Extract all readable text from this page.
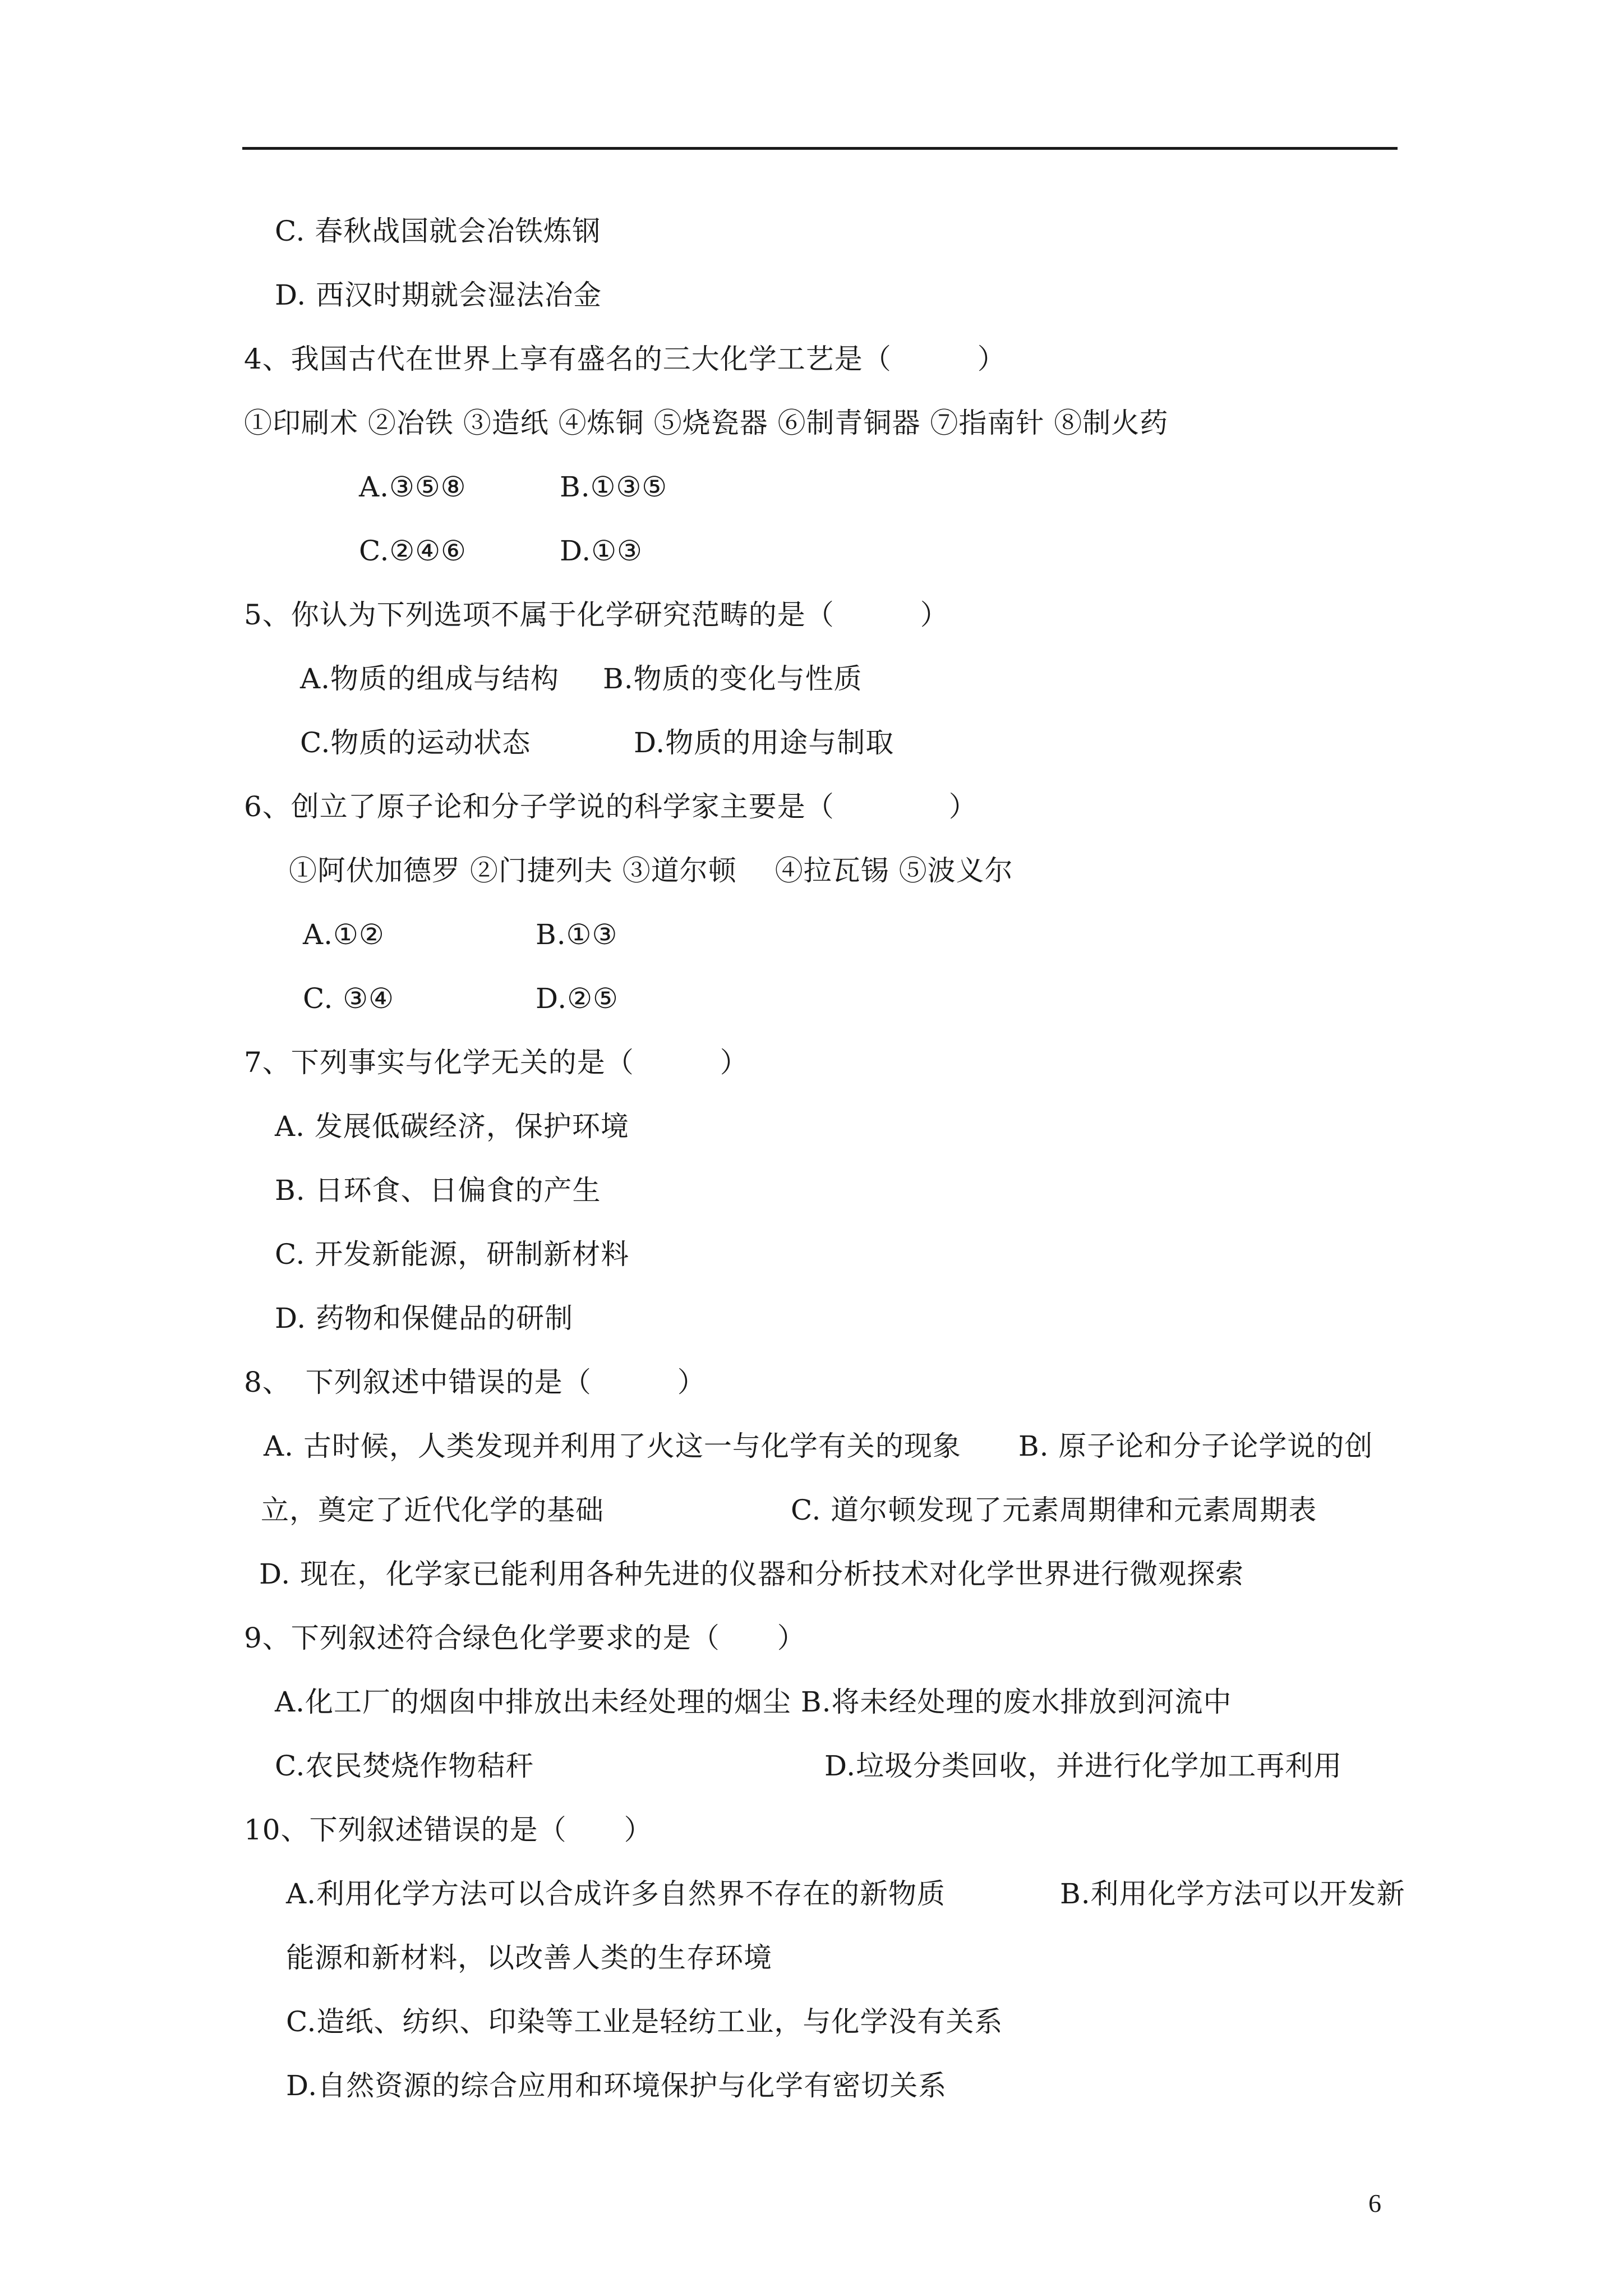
C. 春秋战国就会冶铁炼钢
D. 西汉时期就会湿法冶金
4、我国古代在世界上享有盛名的三大化学工艺是（　　　）
①印刷术 ②冶铁 ③造纸 ④炼铜 ⑤烧瓷器 ⑥制青铜器 ⑦指南针 ⑧制火药
A.③⑤⑧	B.①③⑤
C.②④⑥	D.①③
5、你认为下列选项不属于化学研究范畴的是（　　　）
A.物质的组成与结构 B.物质的变化与性质
C.物质的运动状态	D.物质的用途与制取
6、创立了原子论和分子学说的科学家主要是（　　　　）
①阿伏加德罗 ②门捷列夫 ③道尔顿　 ④拉瓦锡 ⑤波义尔
A.①②	B.①③
C. ③④	D.②⑤
7、下列事实与化学无关的是（　　　）
A. 发展低碳经济，保护环境
B. 日环食、日偏食的产生
C. 开发新能源，研制新材料
D. 药物和保健品的研制
8、　下列叙述中错误的是（　　　）
A. 古时候，人类发现并利用了火这一与化学有关的现象　　B. 原子论和分子论学说的创
立，奠定了近代化学的基础	C. 道尔顿发现了元素周期律和元素周期表
D. 现在，化学家已能利用各种先进的仪器和分析技术对化学世界进行微观探索
9、下列叙述符合绿色化学要求的是（　　）
A.化工厂的烟囱中排放出未经处理的烟尘 B.将未经处理的废水排放到河流中
C.农民焚烧作物秸秆	D.垃圾分类回收，并进行化学加工再利用
10、下列叙述错误的是（　　）
A.利用化学方法可以合成许多自然界不存在的新物质　　　　B.利用化学方法可以开发新
能源和新材料，以改善人类的生存环境
C.造纸、纺织、印染等工业是轻纺工业，与化学没有关系
D.自然资源的综合应用和环境保护与化学有密切关系
6
